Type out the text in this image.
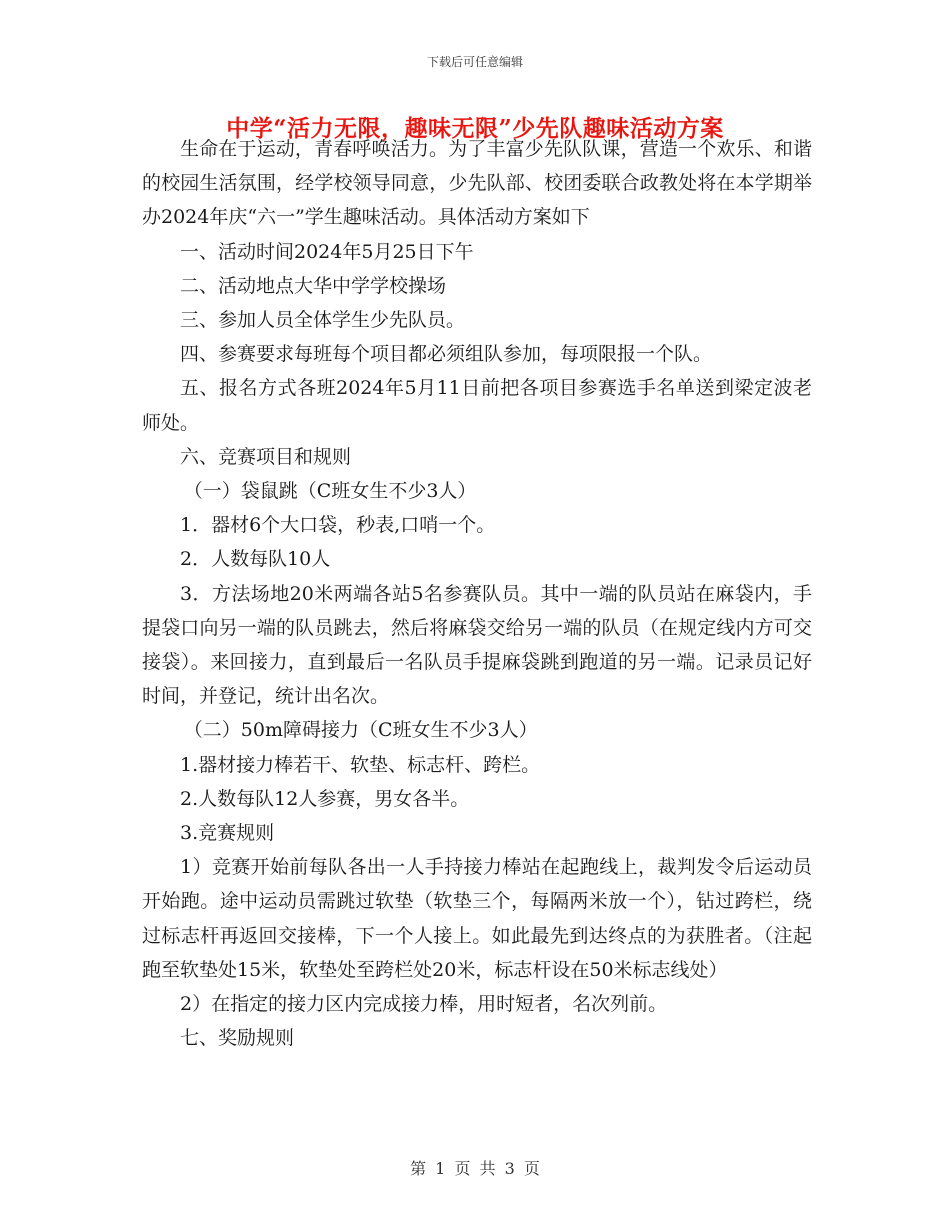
下载后可任意编辑
中学“活力无限，趣味无限”少先队趣味活动方案

生命在于运动，青春呼唤活力。为了丰富少先队队课，营造一个欢乐、和谐的校园生活氛围，经学校领导同意，少先队部、校团委联合政教处将在本学期举办2024年庆“六一”学生趣味活动。具体活动方案如下

一、活动时间2024年5月25日下午

二、活动地点大华中学学校操场

三、参加人员全体学生少先队员。

四、参赛要求每班每个项目都必须组队参加，每项限报一个队。

五、报名方式各班2024年5月11日前把各项目参赛选手名单送到梁定波老师处。

六、竞赛项目和规则

（一）袋鼠跳（C班女生不少3人）

1．器材6个大口袋，秒表,口哨一个。

2．人数每队10人

3．方法场地20米两端各站5名参赛队员。其中一端的队员站在麻袋内，手提袋口向另一端的队员跳去，然后将麻袋交给另一端的队员（在规定线内方可交接袋）。来回接力，直到最后一名队员手提麻袋跳到跑道的另一端。记录员记好时间，并登记，统计出名次。

（二）50m障碍接力（C班女生不少3人）

1.器材接力棒若干、软垫、标志杆、跨栏。

2.人数每队12人参赛，男女各半。

3.竞赛规则

1）竞赛开始前每队各出一人手持接力棒站在起跑线上，裁判发令后运动员开始跑。途中运动员需跳过软垫（软垫三个，每隔两米放一个），钻过跨栏，绕过标志杆再返回交接棒，下一个人接上。如此最先到达终点的为获胜者。（注起跑至软垫处15米，软垫处至跨栏处20米，标志杆设在50米标志线处）

2）在指定的接力区内完成接力棒，用时短者，名次列前。

七、奖励规则

第 1 页 共 3 页
